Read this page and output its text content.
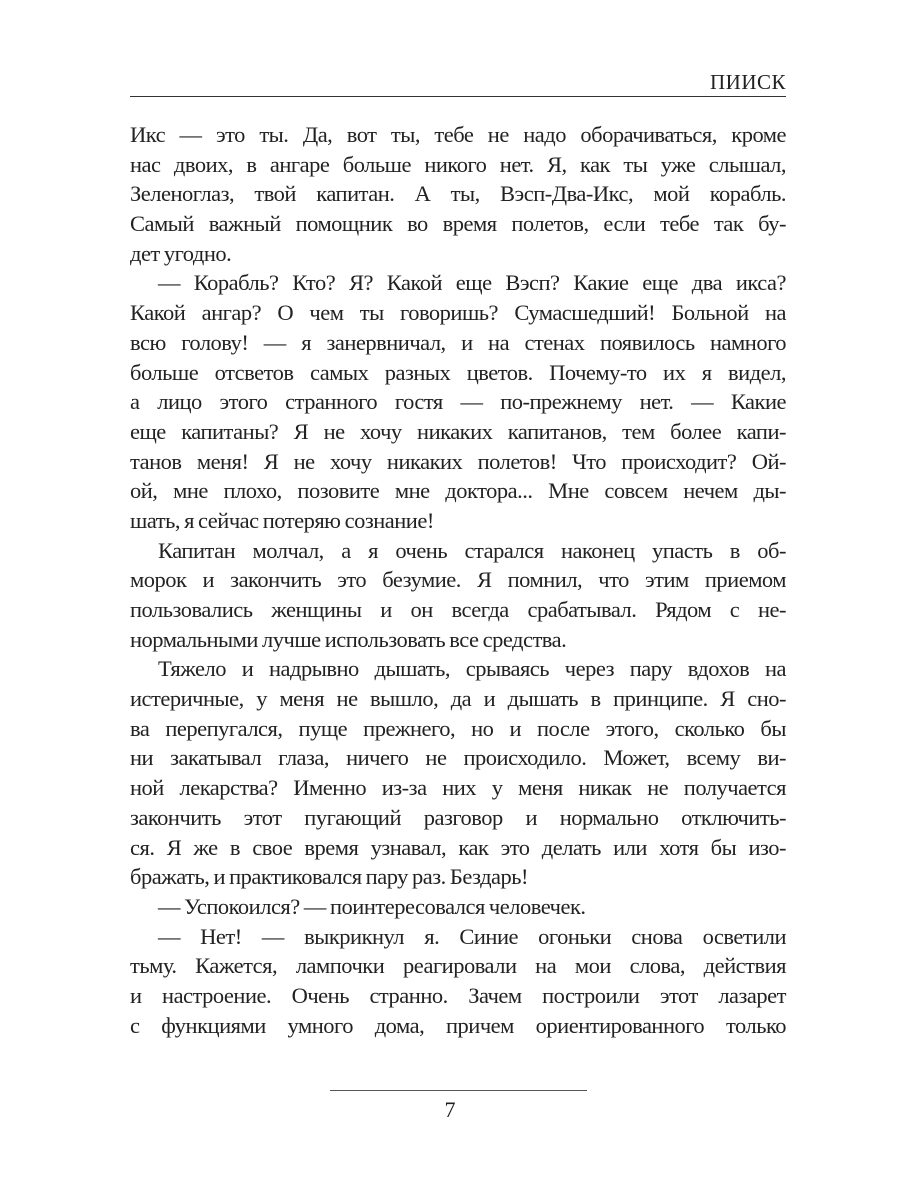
ПИИСК
Икс — это ты. Да, вот ты, тебе не надо оборачиваться, кроме
нас двоих, в ангаре больше никого нет. Я, как ты уже слышал,
Зеленоглаз, твой капитан. А ты, Вэсп-Два-Икс, мой корабль.
Самый важный помощник во время полетов, если тебе так бу-
дет угодно.
— Корабль? Кто? Я? Какой еще Вэсп? Какие еще два икса?
Какой ангар? О чем ты говоришь? Сумасшедший! Больной на
всю голову! — я занервничал, и на стенах появилось намного
больше отсветов самых разных цветов. Почему-то их я видел,
а лицо этого странного гостя — по-прежнему нет. — Какие
еще капитаны? Я не хочу никаких капитанов, тем более капи-
танов меня! Я не хочу никаких полетов! Что происходит? Ой-
ой, мне плохо, позовите мне доктора... Мне совсем нечем ды-
шать, я сейчас потеряю сознание!
Капитан молчал, а я очень старался наконец упасть в об-
морок и закончить это безумие. Я помнил, что этим приемом
пользовались женщины и он всегда срабатывал. Рядом с не-
нормальными лучше использовать все средства.
Тяжело и надрывно дышать, срываясь через пару вдохов на
истеричные, у меня не вышло, да и дышать в принципе. Я сно-
ва перепугался, пуще прежнего, но и после этого, сколько бы
ни закатывал глаза, ничего не происходило. Может, всему ви-
ной лекарства? Именно из-за них у меня никак не получается
закончить этот пугающий разговор и нормально отключить-
ся. Я же в свое время узнавал, как это делать или хотя бы изо-
бражать, и практиковался пару раз. Бездарь!
— Успокоился? — поинтересовался человечек.
— Нет! — выкрикнул я. Синие огоньки снова осветили
тьму. Кажется, лампочки реагировали на мои слова, действия
и настроение. Очень странно. Зачем построили этот лазарет
с функциями умного дома, причем ориентированного только
7
